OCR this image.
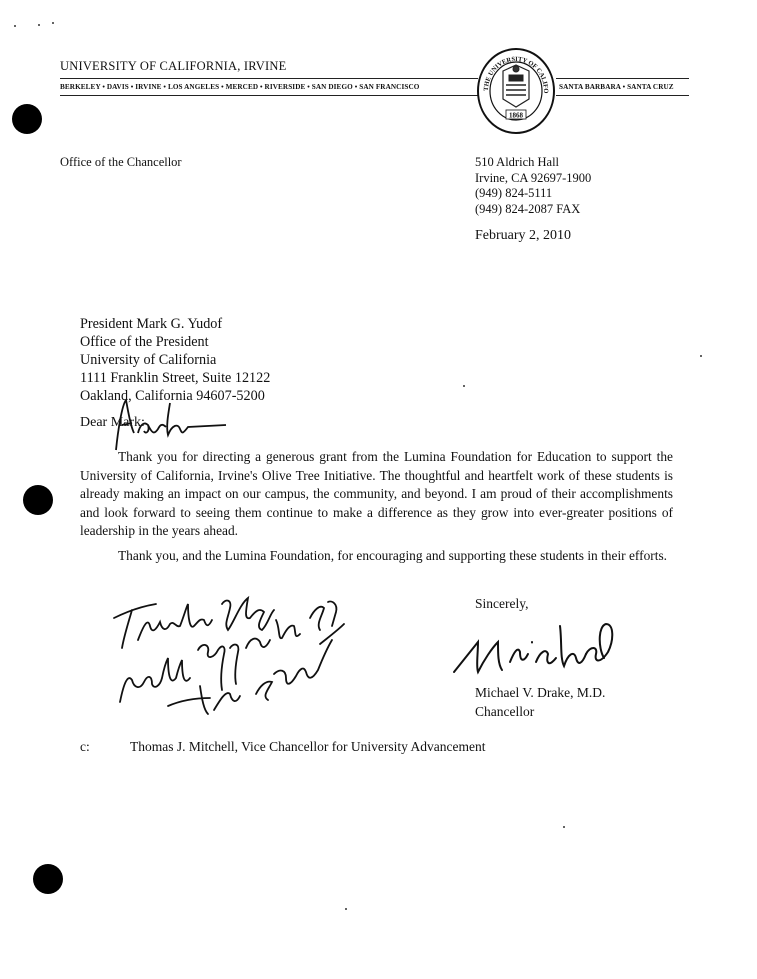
UNIVERSITY OF CALIFORNIA, IRVINE
BERKELEY • DAVIS • IRVINE • LOS ANGELES • MERCED • RIVERSIDE • SAN DIEGO • SAN FRANCISCO	SANTA BARBARA • SANTA CRUZ
THE UNIVERSITY OF CALIFO
1868
Office of the Chancellor	510 Aldrich Hall
Irvine, CA 92697-1900
(949) 824-5111
(949) 824-2087 FAX
February 2, 2010
President Mark G. Yudof
Office of the President
University of California
1111 Franklin Street, Suite 12122
Oakland, California 94607-5200
Dear Mark:
Thank you for directing a generous grant from the Lumina Foundation for Education to support the University of California, Irvine's Olive Tree Initiative. The thoughtful and heartfelt work of these students is already making an impact on our campus, the community, and beyond. I am proud of their accomplishments and look forward to seeing them continue to make a difference as they grow into ever-greater positions of leadership in the years ahead.
Thank you, and the Lumina Foundation, for encouraging and supporting these students in their efforts.
Sincerely,
Michael V. Drake, M.D.
Chancellor
c:	Thomas J. Mitchell, Vice Chancellor for University Advancement
